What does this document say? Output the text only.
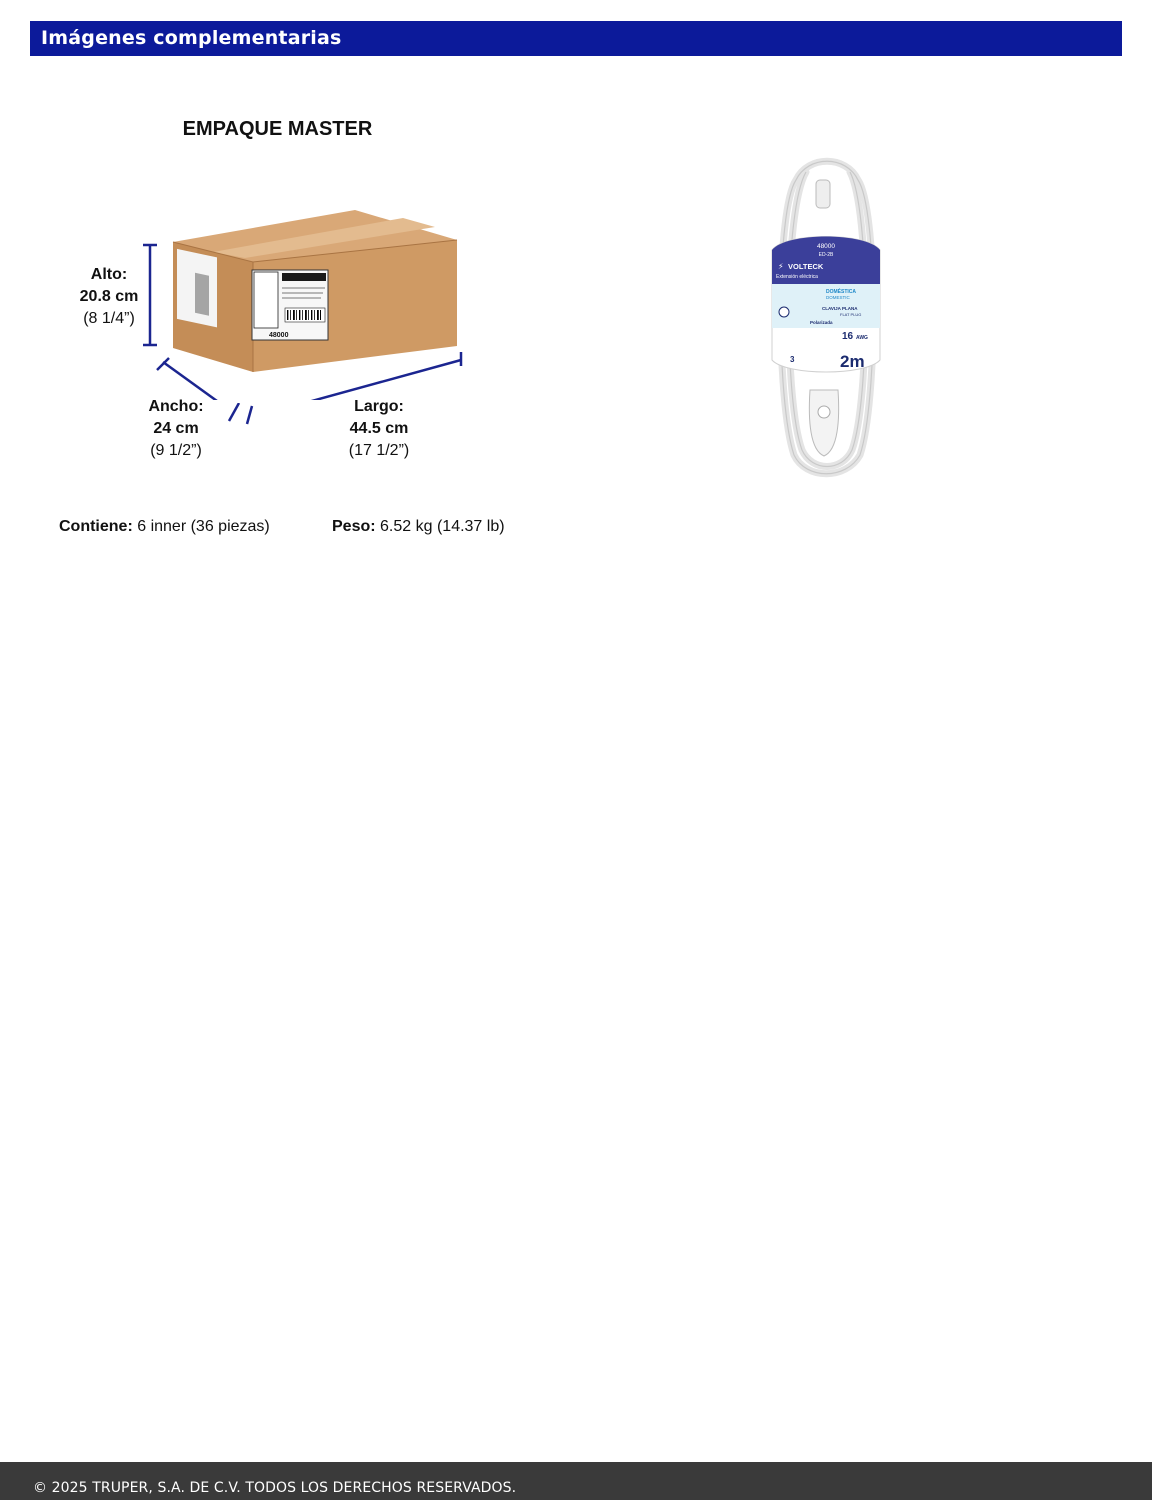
Imágenes complementarias
EMPAQUE MASTER
48000
Alto:
20.8 cm
(8 1/4”)
Ancho:
24 cm
(9 1/2”)
Largo:
44.5 cm
(17 1/2”)
Contiene: 6 inner (36 piezas)	Peso: 6.52 kg (14.37 lb)
48000
ED-2B
VOLTECK
⚡
Extensión eléctrica
DOMÉSTICA
DOMESTIC
CLAVIJA PLANA
FLAT PLUG
Polarizada
16 AWG
2m
3
© 2025 TRUPER, S.A. DE C.V. TODOS LOS DERECHOS RESERVADOS.
